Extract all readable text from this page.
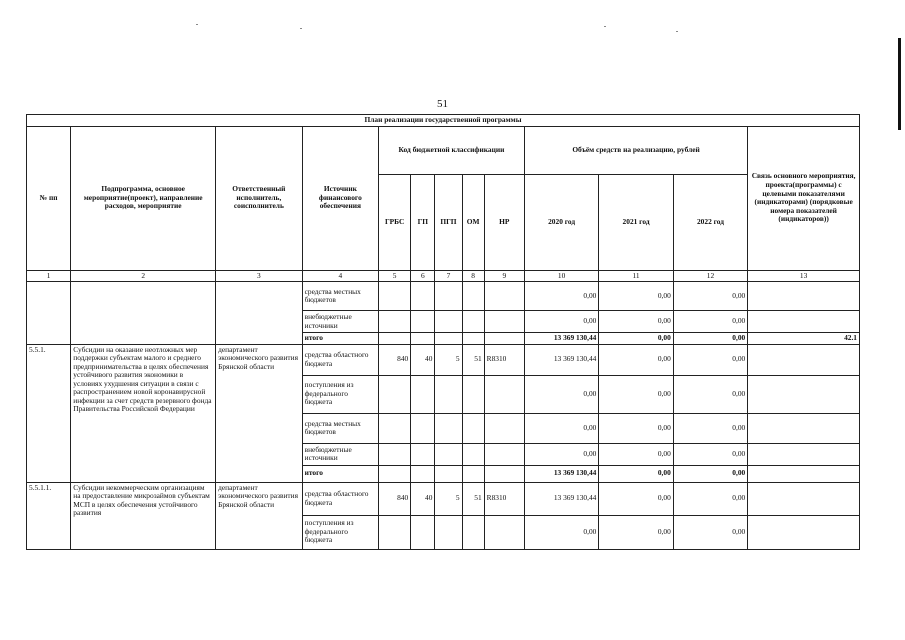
51
План реализации государственной программы												
№ пп	Подпрограмма, основное мероприятие(проект), направление расходов, мероприятие	Ответственный исполнитель, соисполнитель	Источник финансового обеспечения	Код бюджетной классификации					Объём средств на реализацию, рублей			Связь основного мероприятия, проекта(программы) с целевыми показателями (индикаторами) (порядковые номера показателей (индикаторов))
				ГРБС	ГП	ПГП	ОМ	НР	2020 год	2021 год	2022 год	
1	2	3	4	5	6	7	8	9	10	11	12	13
			средства местных бюджетов						0,00	0,00	0,00	
			внебюджетные источники						0,00	0,00	0,00	
			итого						13 369 130,44	0,00	0,00	42.1
5.5.1.	Субсидии на оказание неотложных мер поддержки субъектам малого и среднего предпринимательства в целях обеспечения устойчивого развития экономики в условиях ухудшения ситуации в связи с распространением новой коронавирусной инфекции за счет средств резервного фонда Правительства Российской Федерации	департамент экономического развития Брянской области	средства областного бюджета	840	40	5	51	R8310	13 369 130,44	0,00	0,00	
			поступления из федерального бюджета						0,00	0,00	0,00	
			средства местных бюджетов						0,00	0,00	0,00	
			внебюджетные источники						0,00	0,00	0,00	
			итого						13 369 130,44	0,00	0,00	
5.5.1.1.	Субсидии некоммерческим организациям на предоставление микрозаймов субъектам МСП в целях обеспечения устойчивого развития	департамент экономического развития Брянской области	средства областного бюджета	840	40	5	51	R8310	13 369 130,44	0,00	0,00	
			поступления из федерального бюджета						0,00	0,00	0,00	
